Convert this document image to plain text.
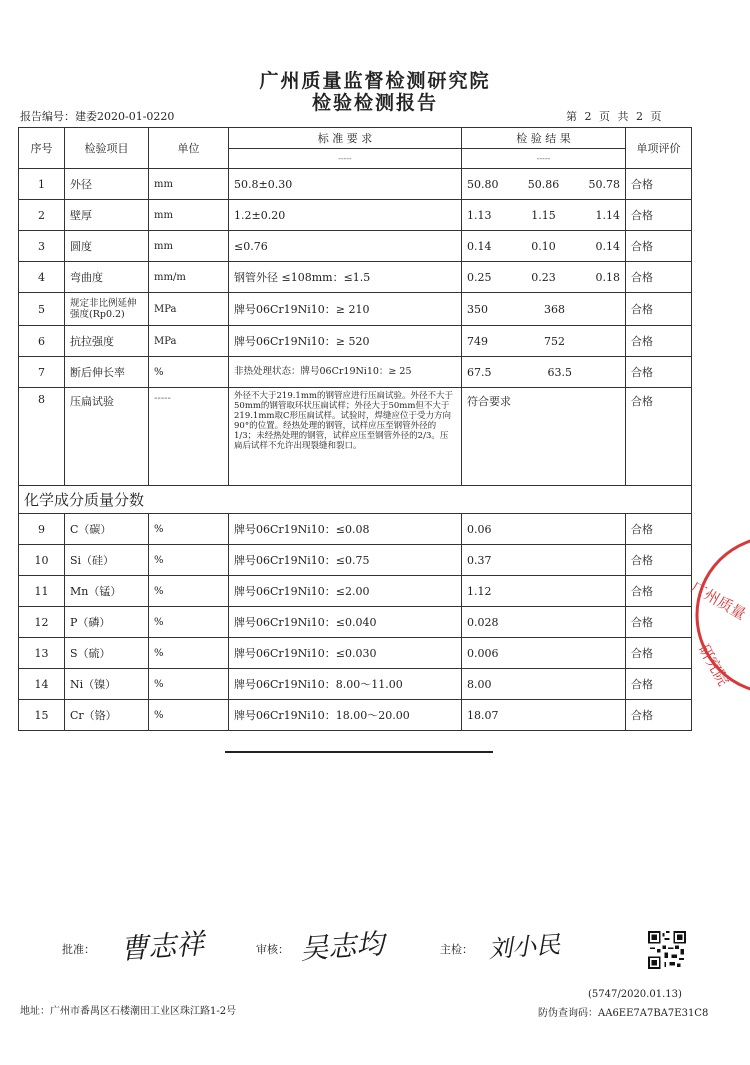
广州质量监督检测研究院
检验检测报告
报告编号：建委2020-01-0220	第 2 页 共 2 页
序号	检验项目	单位	标 准 要 求	检 验 结 果	单项评价
			-----	-----	
1	外径	mm	50.8±0.30	50.80 50.86 50.78	合格
2	壁厚	mm	1.2±0.20	1.13 1.15 1.14	合格
3	圆度	mm	≤0.76	0.14 0.10 0.14	合格
4	弯曲度	mm/m	钢管外径 ≤108mm：≤1.5	0.25 0.23 0.18	合格
5	规定非比例延伸强度(Rp0.2)	MPa	牌号06Cr19Ni10：≥ 210	350 368	合格
6	抗拉强度	MPa	牌号06Cr19Ni10：≥ 520	749 752	合格
7	断后伸长率	%	非热处理状态：牌号06Cr19Ni10：≥ 25	67.5 63.5	合格
8	压扁试验	-----	外径不大于219.1mm的钢管应进行压扁试验。外径不大于50mm的钢管取环状压扁试样；外径大于50mm但不大于219.1mm取C形压扁试样。试验时，焊缝应位于受力方向90°的位置。经热处理的钢管，试样应压至钢管外径的1/3；未经热处理的钢管，试样应压至钢管外径的2/3。压扁后试样不允许出现裂缝和裂口。	符合要求	合格
化学成分质量分数					
9	C（碳）	%	牌号06Cr19Ni10：≤0.08	0.06	合格
10	Si（硅）	%	牌号06Cr19Ni10：≤0.75	0.37	合格
11	Mn（锰）	%	牌号06Cr19Ni10：≤2.00	1.12	合格
12	P（磷）	%	牌号06Cr19Ni10：≤0.040	0.028	合格
13	S（硫）	%	牌号06Cr19Ni10：≤0.030	0.006	合格
14	Ni（镍）	%	牌号06Cr19Ni10：8.00～11.00	8.00	合格
15	Cr（铬）	%	牌号06Cr19Ni10：18.00～20.00	18.07	合格
广州质量
研究院
批准： 曹志祥	审核： 吴志均	主检： 刘小民
(5747/2020.01.13)
地址：广州市番禺区石楼潮田工业区珠江路1-2号	防伪查询码：AA6EE7A7BA7E31C8
